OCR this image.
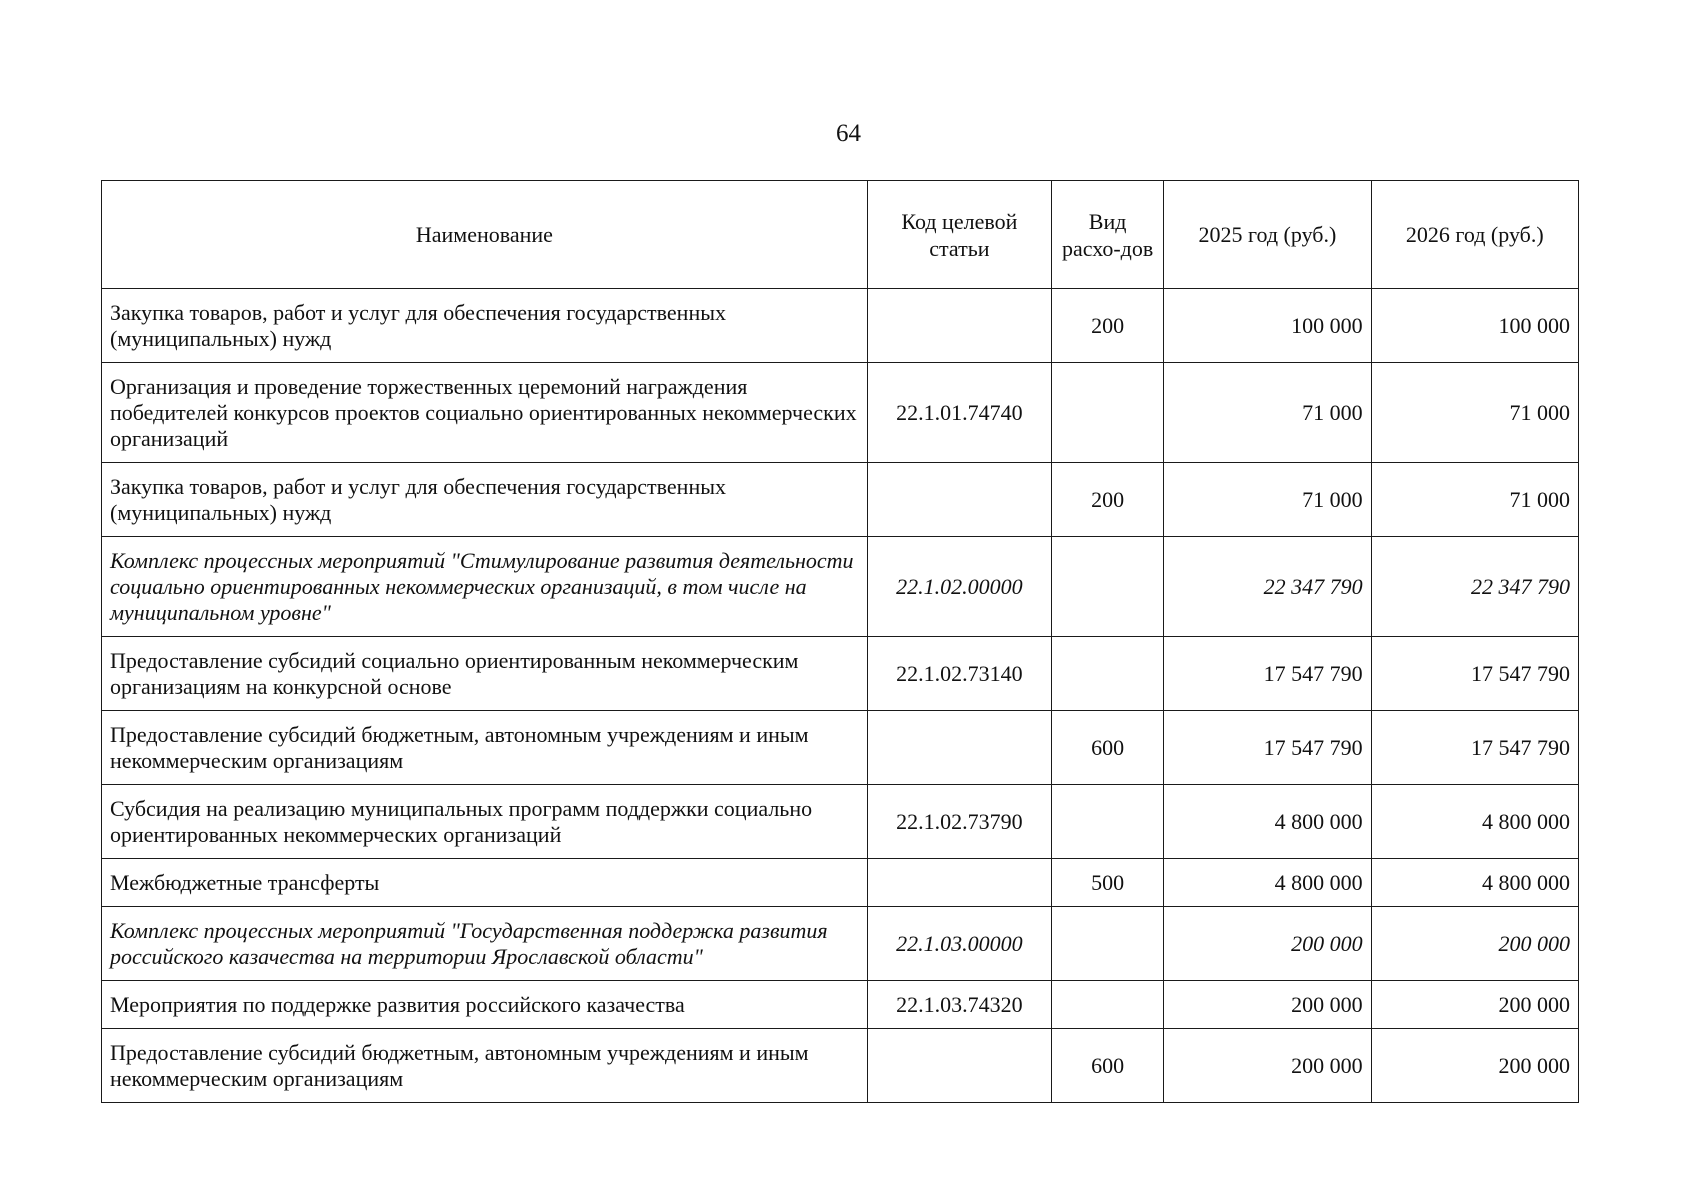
64
Наименование	Код целевой статьи	Вид расхо-дов	2025 год (руб.)	2026 год (руб.)
Закупка товаров, работ и услуг для обеспечения государственных (муниципальных) нужд		200	100 000	100 000
Организация и проведение торжественных церемоний награждения победителей конкурсов проектов социально ориентированных некоммерческих организаций	22.1.01.74740		71 000	71 000
Закупка товаров, работ и услуг для обеспечения государственных (муниципальных) нужд		200	71 000	71 000
Комплекс процессных мероприятий "Стимулирование развития деятельности социально ориентированных некоммерческих организаций, в том числе на муниципальном уровне"	22.1.02.00000		22 347 790	22 347 790
Предоставление субсидий социально ориентированным некоммерческим организациям на конкурсной основе	22.1.02.73140		17 547 790	17 547 790
Предоставление субсидий бюджетным, автономным учреждениям и иным некоммерческим организациям		600	17 547 790	17 547 790
Субсидия на реализацию муниципальных программ поддержки социально ориентированных некоммерческих организаций	22.1.02.73790		4 800 000	4 800 000
Межбюджетные трансферты		500	4 800 000	4 800 000
Комплекс процессных мероприятий "Государственная поддержка развития российского казачества на территории Ярославской области"	22.1.03.00000		200 000	200 000
Мероприятия по поддержке развития российского казачества	22.1.03.74320		200 000	200 000
Предоставление субсидий бюджетным, автономным учреждениям и иным некоммерческим организациям		600	200 000	200 000
